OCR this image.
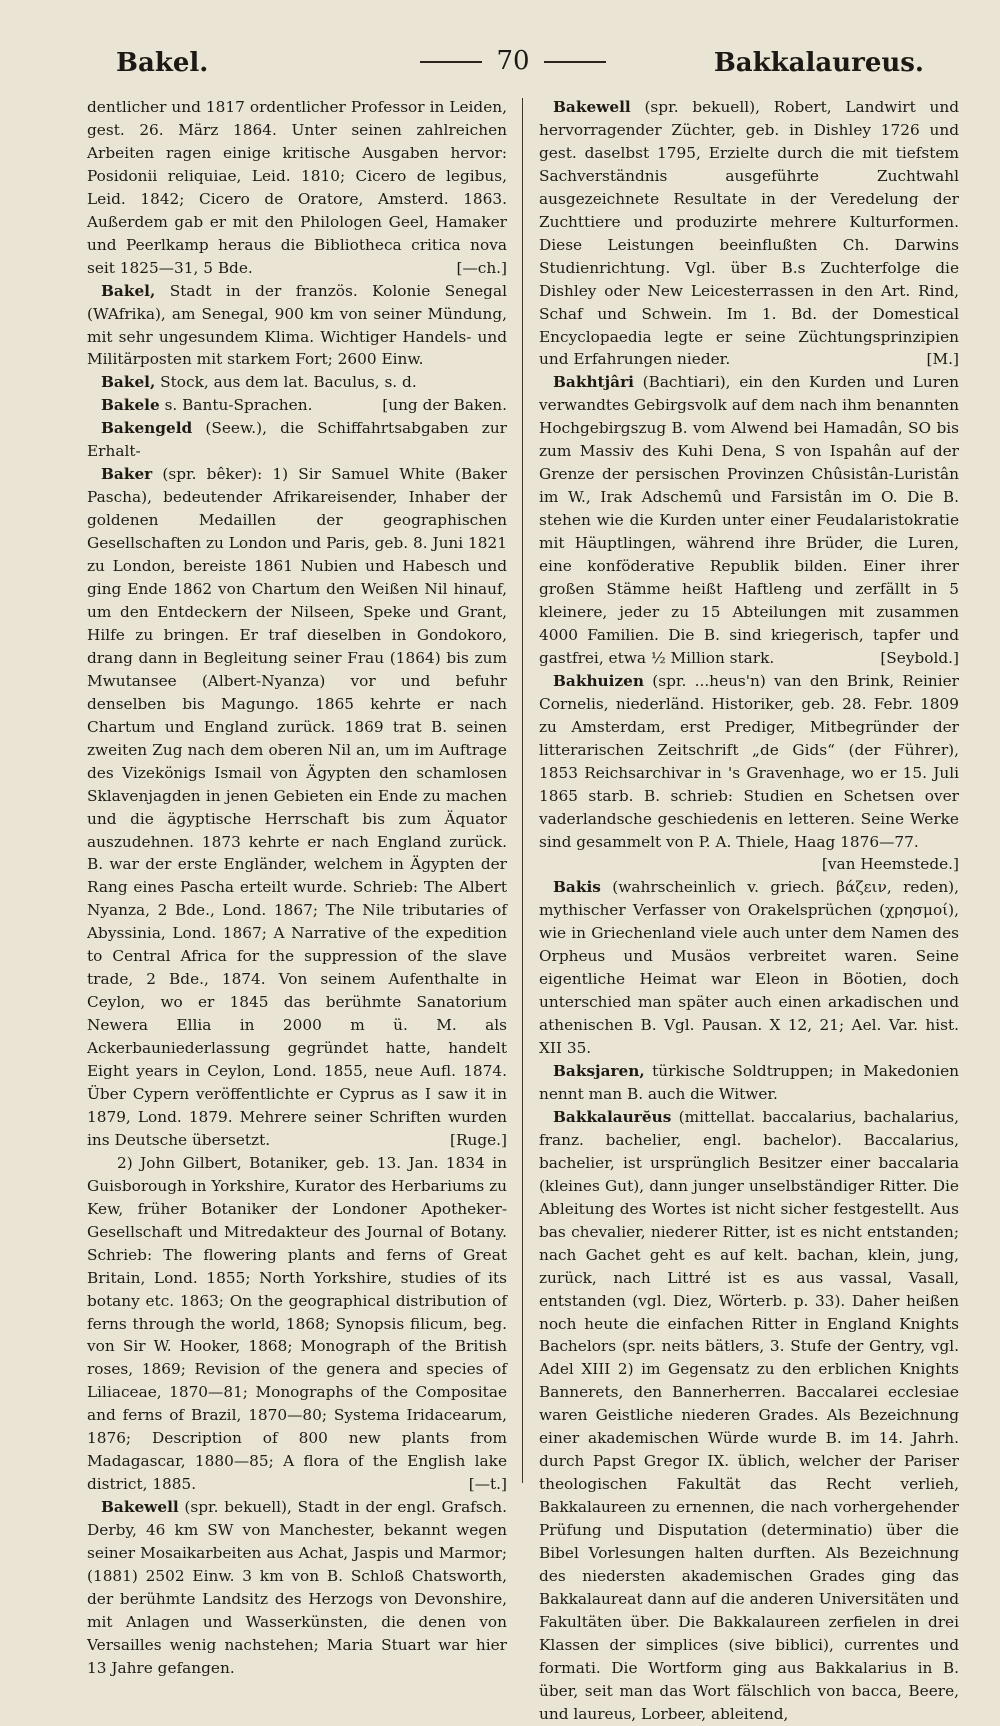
Bakel.	70	Bakkalaureus.

dentlicher und 1817 ordentlicher Professor in Leiden, gest. 26. März 1864. Unter seinen zahlreichen Arbeiten ragen einige kritische Ausgaben hervor: Posidonii reliquiae, Leid. 1810; Cicero de legibus, Leid. 1842; Cicero de Oratore, Amsterd. 1863. Außerdem gab er mit den Philologen Geel, Hamaker und Peerlkamp heraus die Bibliotheca critica nova seit 1825—31, 5 Bde.	[—ch.]

Bakel, Stadt in der französ. Kolonie Senegal (WAfrika), am Senegal, 900 km von seiner Mündung, mit sehr ungesundem Klima. Wichtiger Handels- und Militärposten mit starkem Fort; 2600 Einw.

Bakel, Stock, aus dem lat. Baculus, s. d.

Bakele s. Bantu-Sprachen.	[ung der Baken.

Bakengeld (Seew.), die Schiffahrtsabgaben zur Erhalt-

Baker (spr. bêker): 1) Sir Samuel White (Baker Pascha), bedeutender Afrikareisender, Inhaber der goldenen Medaillen der geographischen Gesellschaften zu London und Paris, geb. 8. Juni 1821 zu London, bereiste 1861 Nubien und Habesch und ging Ende 1862 von Chartum den Weißen Nil hinauf, um den Entdeckern der Nilseen, Speke und Grant, Hilfe zu bringen. Er traf dieselben in Gondokoro, drang dann in Begleitung seiner Frau (1864) bis zum Mwutansee (Albert-Nyanza) vor und befuhr denselben bis Magungo. 1865 kehrte er nach Chartum und England zurück. 1869 trat B. seinen zweiten Zug nach dem oberen Nil an, um im Auftrage des Vizekönigs Ismail von Ägypten den schamlosen Sklavenjagden in jenen Gebieten ein Ende zu machen und die ägyptische Herrschaft bis zum Äquator auszudehnen. 1873 kehrte er nach England zurück. B. war der erste Engländer, welchem in Ägypten der Rang eines Pascha erteilt wurde. Schrieb: The Albert Nyanza, 2 Bde., Lond. 1867; The Nile tributaries of Abyssinia, Lond. 1867; A Narrative of the expedition to Central Africa for the suppression of the slave trade, 2 Bde., 1874. Von seinem Aufenthalte in Ceylon, wo er 1845 das berühmte Sanatorium Newera Ellia in 2000 m ü. M. als Ackerbauniederlassung gegründet hatte, handelt Eight years in Ceylon, Lond. 1855, neue Aufl. 1874. Über Cypern veröffentlichte er Cyprus as I saw it in 1879, Lond. 1879. Mehrere seiner Schriften wurden ins Deutsche übersetzt.	[Ruge.]

2) John Gilbert, Botaniker, geb. 13. Jan. 1834 in Guisborough in Yorkshire, Kurator des Herbariums zu Kew, früher Botaniker der Londoner Apotheker-Gesellschaft und Mitredakteur des Journal of Botany. Schrieb: The flowering plants and ferns of Great Britain, Lond. 1855; North Yorkshire, studies of its botany etc. 1863; On the geographical distribution of ferns through the world, 1868; Synopsis filicum, beg. von Sir W. Hooker, 1868; Monograph of the British roses, 1869; Revision of the genera and species of Liliaceae, 1870—81; Monographs of the Compositae and ferns of Brazil, 1870—80; Systema Iridacearum, 1876; Description of 800 new plants from Madagascar, 1880—85; A flora of the English lake district, 1885.	[—t.]

Bakewell (spr. bekuell), Stadt in der engl. Grafsch. Derby, 46 km SW von Manchester, bekannt wegen seiner Mosaikarbeiten aus Achat, Jaspis und Marmor; (1881) 2502 Einw. 3 km von B. Schloß Chatsworth, der berühmte Landsitz des Herzogs von Devonshire, mit Anlagen und Wasserkünsten, die denen von Versailles wenig nachstehen; Maria Stuart war hier 13 Jahre gefangen.

Bakewell (spr. bekuell), Robert, Landwirt und hervorragender Züchter, geb. in Dishley 1726 und gest. daselbst 1795, Erzielte durch die mit tiefstem Sachverständnis ausgeführte Zuchtwahl ausgezeichnete Resultate in der Veredelung der Zuchttiere und produzirte mehrere Kulturformen. Diese Leistungen beeinflußten Ch. Darwins Studienrichtung. Vgl. über B.s Zuchterfolge die Dishley oder New Leicesterrassen in den Art. Rind, Schaf und Schwein. Im 1. Bd. der Domestical Encyclopaedia legte er seine Züchtungsprinzipien und Erfahrungen nieder.	[M.]

Bakhtjâri (Bachtiari), ein den Kurden und Luren verwandtes Gebirgsvolk auf dem nach ihm benannten Hochgebirgszug B. vom Alwend bei Hamadân, SO bis zum Massiv des Kuhi Dena, S von Ispahân auf der Grenze der persischen Provinzen Chûsistân-Luristân im W., Irak Adschemû und Farsistân im O. Die B. stehen wie die Kurden unter einer Feudalaristokratie mit Häuptlingen, während ihre Brüder, die Luren, eine konföderative Republik bilden. Einer ihrer großen Stämme heißt Haftleng und zerfällt in 5 kleinere, jeder zu 15 Abteilungen mit zusammen 4000 Familien. Die B. sind kriegerisch, tapfer und gastfrei, etwa ½ Million stark.	[Seybold.]

Bakhuizen (spr. ...heus'n) van den Brink, Reinier Cornelis, niederländ. Historiker, geb. 28. Febr. 1809 zu Amsterdam, erst Prediger, Mitbegründer der litterarischen Zeitschrift „de Gids“ (der Führer), 1853 Reichsarchivar in 's Gravenhage, wo er 15. Juli 1865 starb. B. schrieb: Studien en Schetsen over vaderlandsche geschiedenis en letteren. Seine Werke sind gesammelt von P. A. Thiele, Haag 1876—77.
[van Heemstede.]

Bakis (wahrscheinlich v. griech. βάζειν, reden), mythischer Verfasser von Orakelsprüchen (χρησμοί), wie in Griechenland viele auch unter dem Namen des Orpheus und Musäos verbreitet waren. Seine eigentliche Heimat war Eleon in Böotien, doch unterschied man später auch einen arkadischen und athenischen B. Vgl. Pausan. X 12, 21; Ael. Var. hist. XII 35.

Baksjaren, türkische Soldtruppen; in Makedonien nennt man B. auch die Witwer.

Bakkalaurĕus (mittellat. baccalarius, bachalarius, franz. bachelier, engl. bachelor). Baccalarius, bachelier, ist ursprünglich Besitzer einer baccalaria (kleines Gut), dann junger unselbständiger Ritter. Die Ableitung des Wortes ist nicht sicher festgestellt. Aus bas chevalier, niederer Ritter, ist es nicht entstanden; nach Gachet geht es auf kelt. bachan, klein, jung, zurück, nach Littré ist es aus vassal, Vasall, entstanden (vgl. Diez, Wörterb. p. 33). Daher heißen noch heute die einfachen Ritter in England Knights Bachelors (spr. neits bätlers, 3. Stufe der Gentry, vgl. Adel XIII 2) im Gegensatz zu den erblichen Knights Bannerets, den Bannerherren. Baccalarei ecclesiae waren Geistliche niederen Grades. Als Bezeichnung einer akademischen Würde wurde B. im 14. Jahrh. durch Papst Gregor IX. üblich, welcher der Pariser theologischen Fakultät das Recht verlieh, Bakkalaureen zu ernennen, die nach vorhergehender Prüfung und Disputation (determinatio) über die Bibel Vorlesungen halten durften. Als Bezeichnung des niedersten akademischen Grades ging das Bakkalaureat dann auf die anderen Universitäten und Fakultäten über. Die Bakkalaureen zerfielen in drei Klassen der simplices (sive biblici), currentes und formati. Die Wortform ging aus Bakkalarius in B. über, seit man das Wort fälschlich von bacca, Beere, und laureus, Lorbeer, ableitend,
